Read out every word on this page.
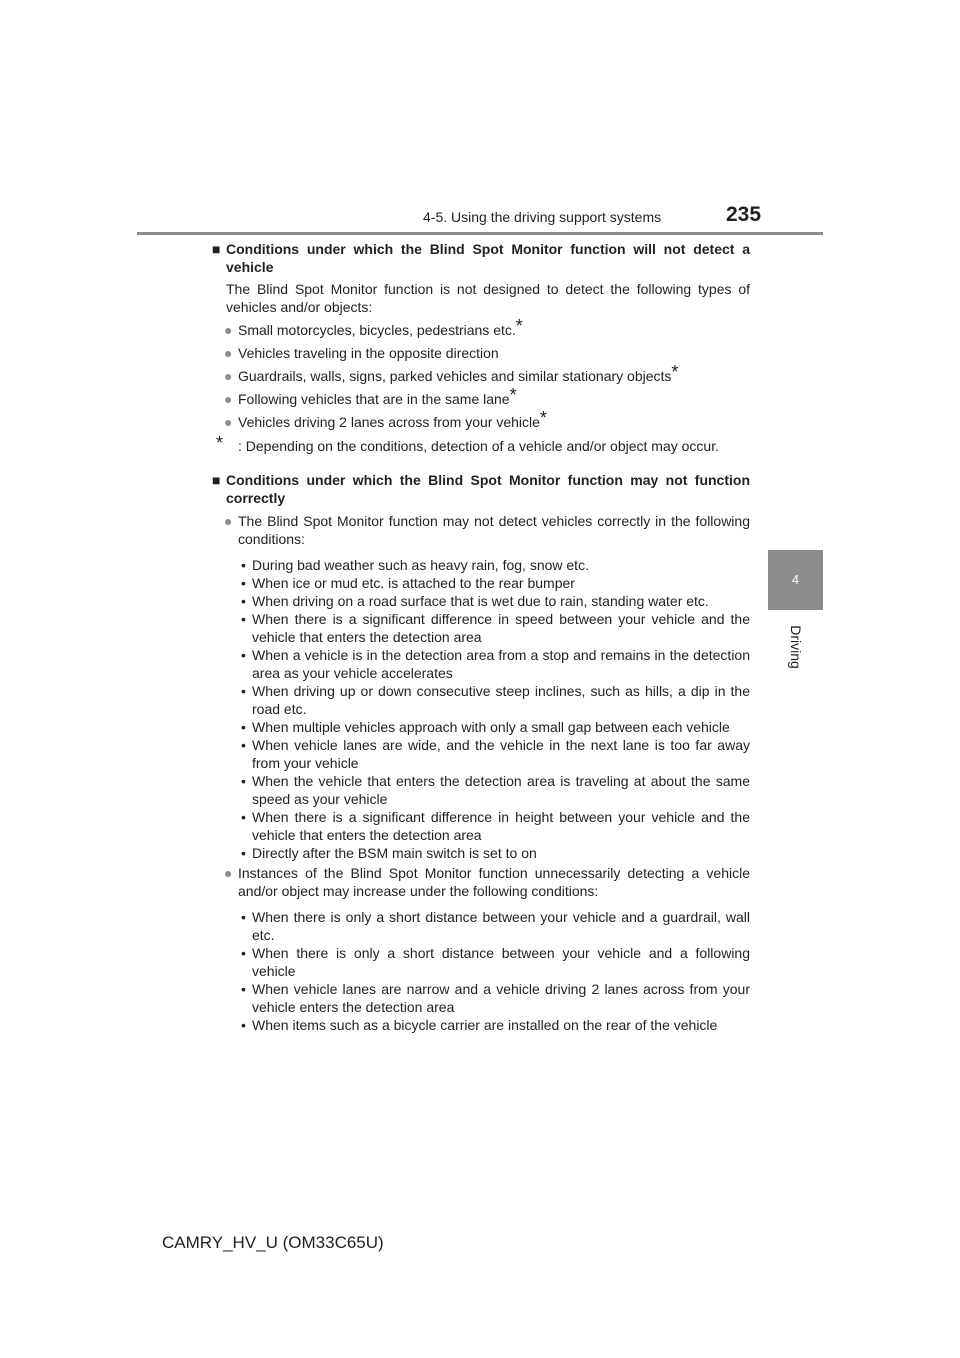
4-5. Using the driving support systems	235
4
Driving

■ Conditions under which the Blind Spot Monitor function will not detect a vehicle

The Blind Spot Monitor function is not designed to detect the following types of vehicles and/or objects:

● Small motorcycles, bicycles, pedestrians etc.*

● Vehicles traveling in the opposite direction

● Guardrails, walls, signs, parked vehicles and similar stationary objects*

● Following vehicles that are in the same lane*

● Vehicles driving 2 lanes across from your vehicle*

* : Depending on the conditions, detection of a vehicle and/or object may occur.

■ Conditions under which the Blind Spot Monitor function may not function correctly

● The Blind Spot Monitor function may not detect vehicles correctly in the following conditions:

• During bad weather such as heavy rain, fog, snow etc.

• When ice or mud etc. is attached to the rear bumper

• When driving on a road surface that is wet due to rain, standing water etc.

• When there is a significant difference in speed between your vehicle and the vehicle that enters the detection area

• When a vehicle is in the detection area from a stop and remains in the detection area as your vehicle accelerates

• When driving up or down consecutive steep inclines, such as hills, a dip in the road etc.

• When multiple vehicles approach with only a small gap between each vehicle

• When vehicle lanes are wide, and the vehicle in the next lane is too far away from your vehicle

• When the vehicle that enters the detection area is traveling at about the same speed as your vehicle

• When there is a significant difference in height between your vehicle and the vehicle that enters the detection area

• Directly after the BSM main switch is set to on

● Instances of the Blind Spot Monitor function unnecessarily detecting a vehicle and/or object may increase under the following conditions:

• When there is only a short distance between your vehicle and a guardrail, wall etc.

• When there is only a short distance between your vehicle and a following vehicle

• When vehicle lanes are narrow and a vehicle driving 2 lanes across from your vehicle enters the detection area

• When items such as a bicycle carrier are installed on the rear of the vehicle

CAMRY_HV_U (OM33C65U)
